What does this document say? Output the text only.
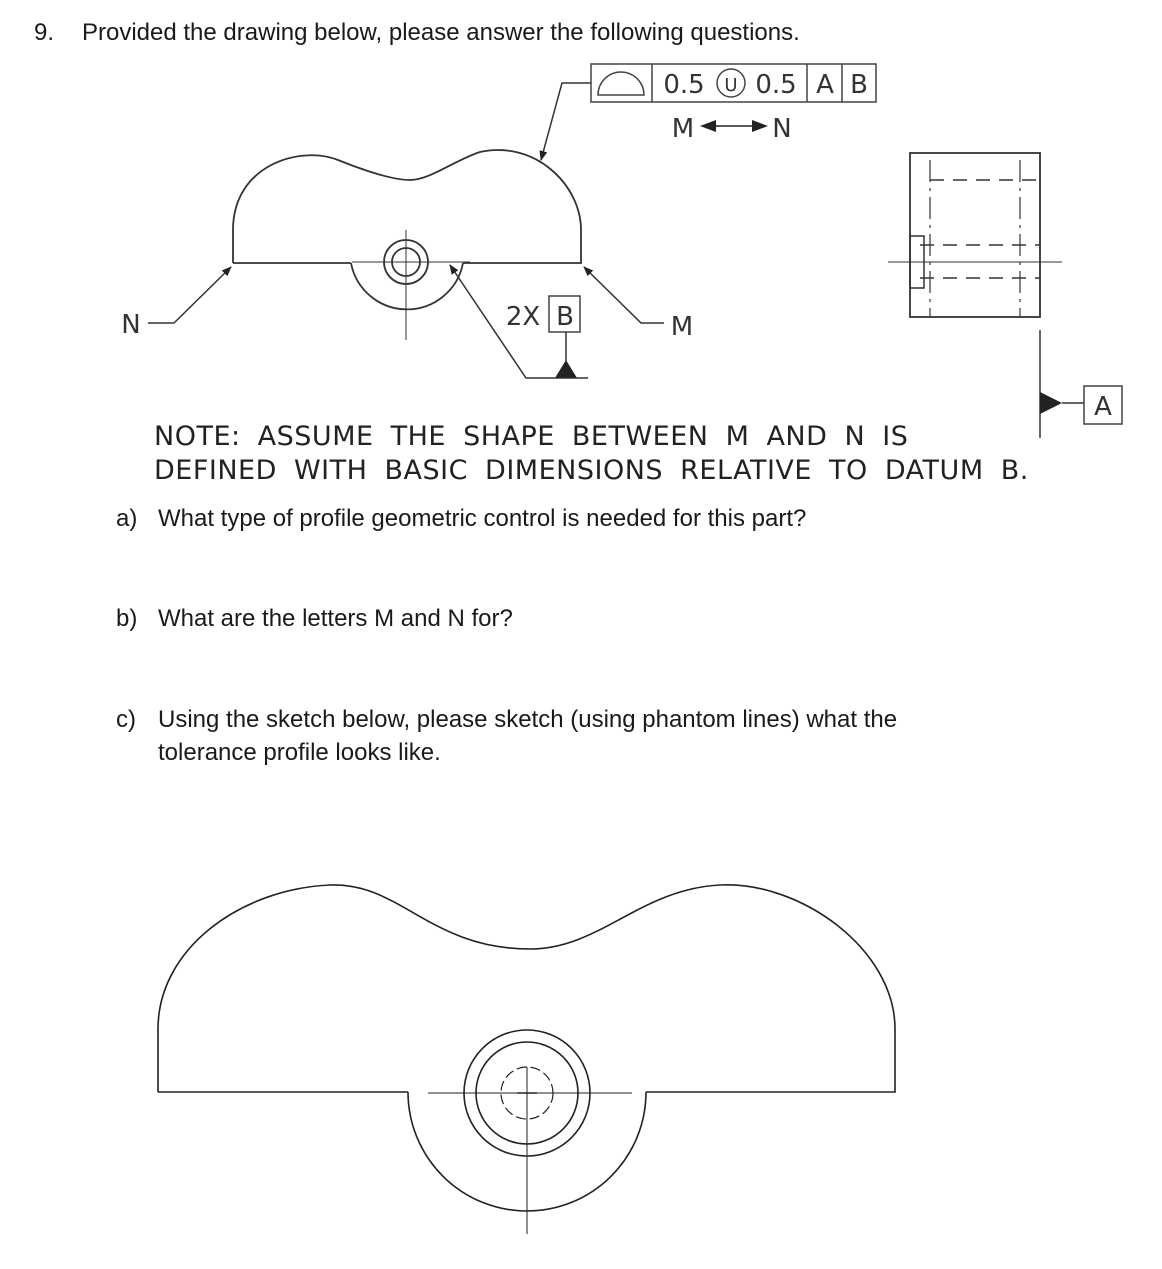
9. Provided the drawing below, please answer the following questions.
0.5 U 0.5 A B
M	N
N	M
2X B
A
NOTE: ASSUME THE SHAPE BETWEEN M AND N IS
DEFINED WITH BASIC DIMENSIONS RELATIVE TO DATUM B.
a) What type of profile geometric control is needed for this part?
b) What are the letters M and N for?
c) Using the sketch below, please sketch (using phantom lines) what the
tolerance profile looks like.
